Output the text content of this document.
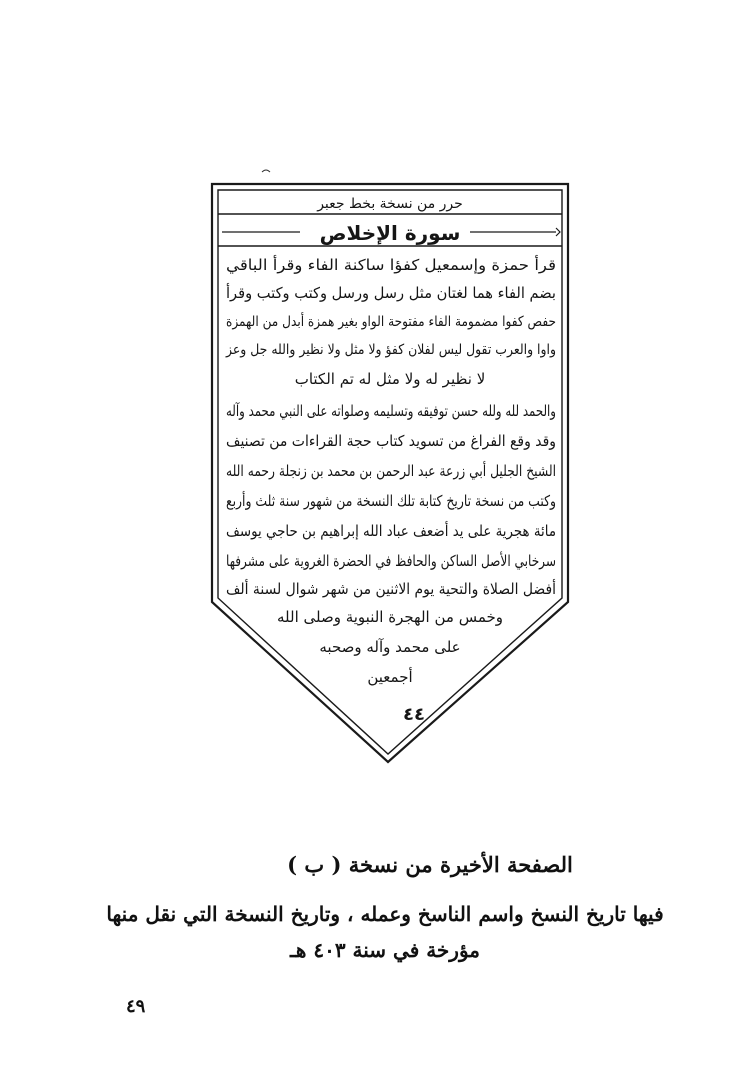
حرر من نسخة بخط جعبر
سورة الإخلاص
قرأ حمزة وإسمعيل كفؤا ساكنة الفاء وقرأ الباقي
بضم الفاء هما لغتان مثل رسل ورسل وكتب وكتب وقرأ
حفص كفوا مضمومة الفاء مفتوحة الواو بغير همزة أبدل من الهمزة
واوا والعرب تقول ليس لفلان كفؤ ولا مثل ولا نظير والله جل وعز
لا نظير له ولا مثل له تم الكتاب
والحمد لله ولله حسن توفيقه وتسليمه وصلواته على النبي محمد وآله
وقد وقع الفراغ من تسويد كتاب حجة القراءات من تصنيف
الشيخ الجليل أبي زرعة عبد الرحمن بن محمد بن زنجلة رحمه الله
وكتب من نسخة تاريخ كتابة تلك النسخة من شهور سنة ثلث وأربع
مائة هجرية على يد أضعف عباد الله إبراهيم بن حاجي يوسف
سرخابي الأصل الساكن والحافظ في الحضرة الغروية على مشرفها
أفضل الصلاة والتحية يوم الاثنين من شهر شوال لسنة ألف
وخمس من الهجرة النبوية وصلى الله
على محمد وآله وصحبه
أجمعين
٤٤
الصفحة الأخيرة من نسخة ( ب )
فيها تاريخ النسخ واسم الناسخ وعمله ، وتاريخ النسخة التي نقل منها
مؤرخة في سنة ٤٠٣ هـ
٤٩
